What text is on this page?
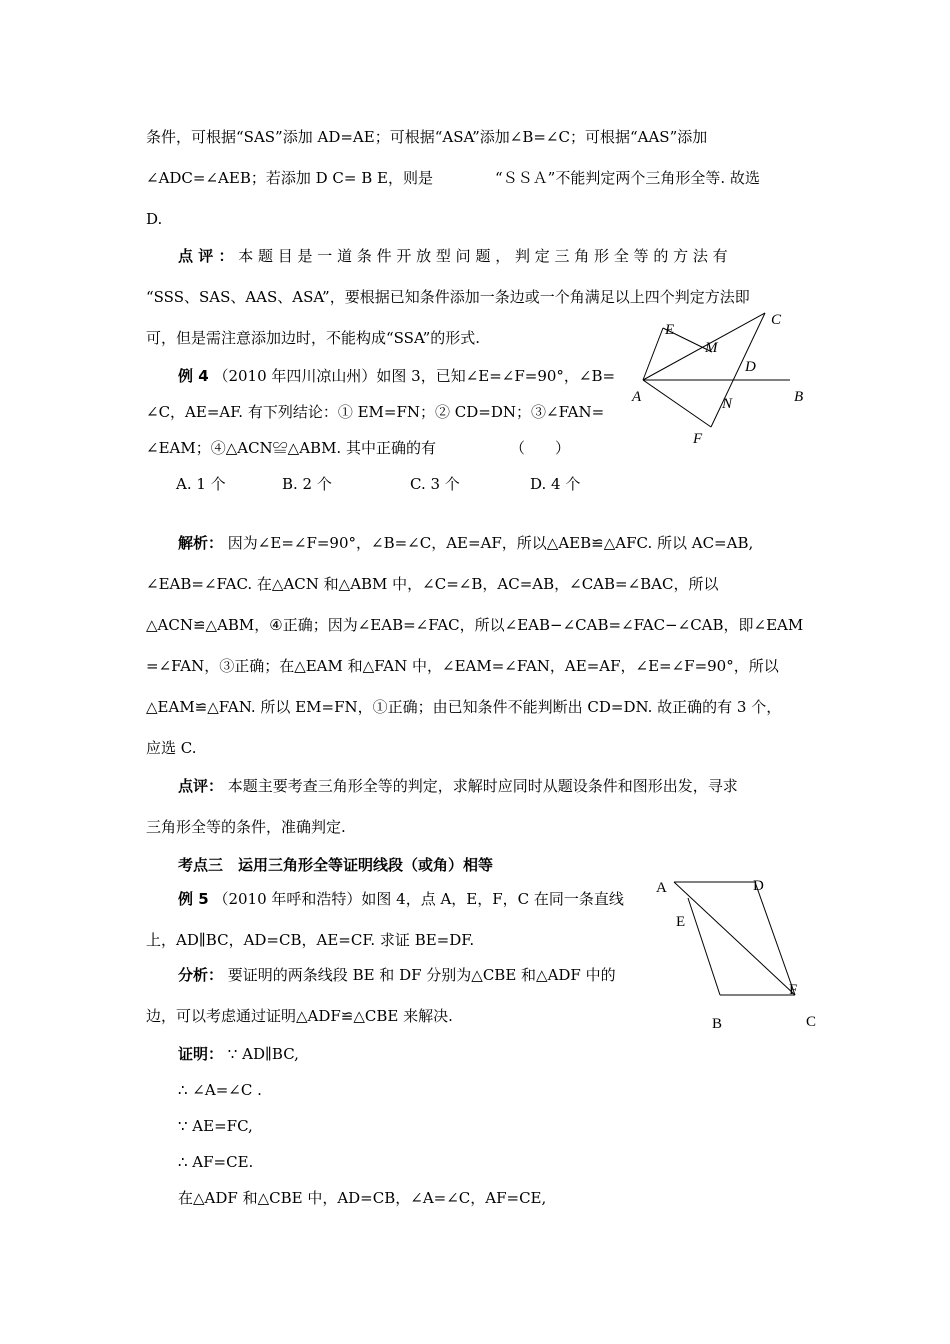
条件，可根据“SAS”添加 AD=AE；可根据“ASA”添加∠B=∠C；可根据“AAS”添加
∠ADC=∠AEB；若添加 D C= B E，则是	“ＳＳＡ”不能判定两个三角形全等. 故选
D.
点 评 ： 本 题 目 是 一 道 条 件 开 放 型 问 题 ， 判 定 三 角 形 全 等 的 方 法 有
“SSS、SAS、AAS、ASA”，要根据已知条件添加一条边或一个角满足以上四个判定方法即
可，但是需注意添加边时，不能构成“SSA”的形式.
例 4 （2010 年四川凉山州）如图 3，已知∠E=∠F=90°，∠B=
∠C，AE=AF. 有下列结论：① EM=FN；② CD=DN；③∠FAN=
∠EAM；④△ACN≌△ABM. 其中正确的有	（　　）
A. 1 个	B. 2 个	C. 3 个	D. 4 个
E
C
M
D
A	B
N
F
解析： 因为∠E=∠F=90°，∠B=∠C，AE=AF，所以△AEB≌△AFC. 所以 AC=AB,
∠EAB=∠FAC. 在△ACN 和△ABM 中，∠C=∠B，AC=AB，∠CAB=∠BAC，所以
△ACN≌△ABM，④正确；因为∠EAB=∠FAC，所以∠EAB−∠CAB=∠FAC−∠CAB，即∠EAM
=∠FAN，③正确；在△EAM 和△FAN 中，∠EAM=∠FAN，AE=AF，∠E=∠F=90°，所以
△EAM≌△FAN. 所以 EM=FN，①正确；由已知条件不能判断出 CD=DN. 故正确的有 3 个，
应选 C.
点评： 本题主要考查三角形全等的判定，求解时应同时从题设条件和图形出发，寻求
三角形全等的条件，准确判定.
考点三　运用三角形全等证明线段（或角）相等
例 5 （2010 年呼和浩特）如图 4，点 A，E，F，C 在同一条直线
上，AD∥BC，AD=CB，AE=CF. 求证 BE=DF.
A	D
E
F
B	C
分析： 要证明的两条线段 BE 和 DF 分别为△CBE 和△ADF 中的
边，可以考虑通过证明△ADF≌△CBE 来解决.
证明： ∵ AD∥BC,
∴ ∠A=∠C .
∵ AE=FC,
∴ AF=CE.
在△ADF 和△CBE 中，AD=CB，∠A=∠C，AF=CE,
